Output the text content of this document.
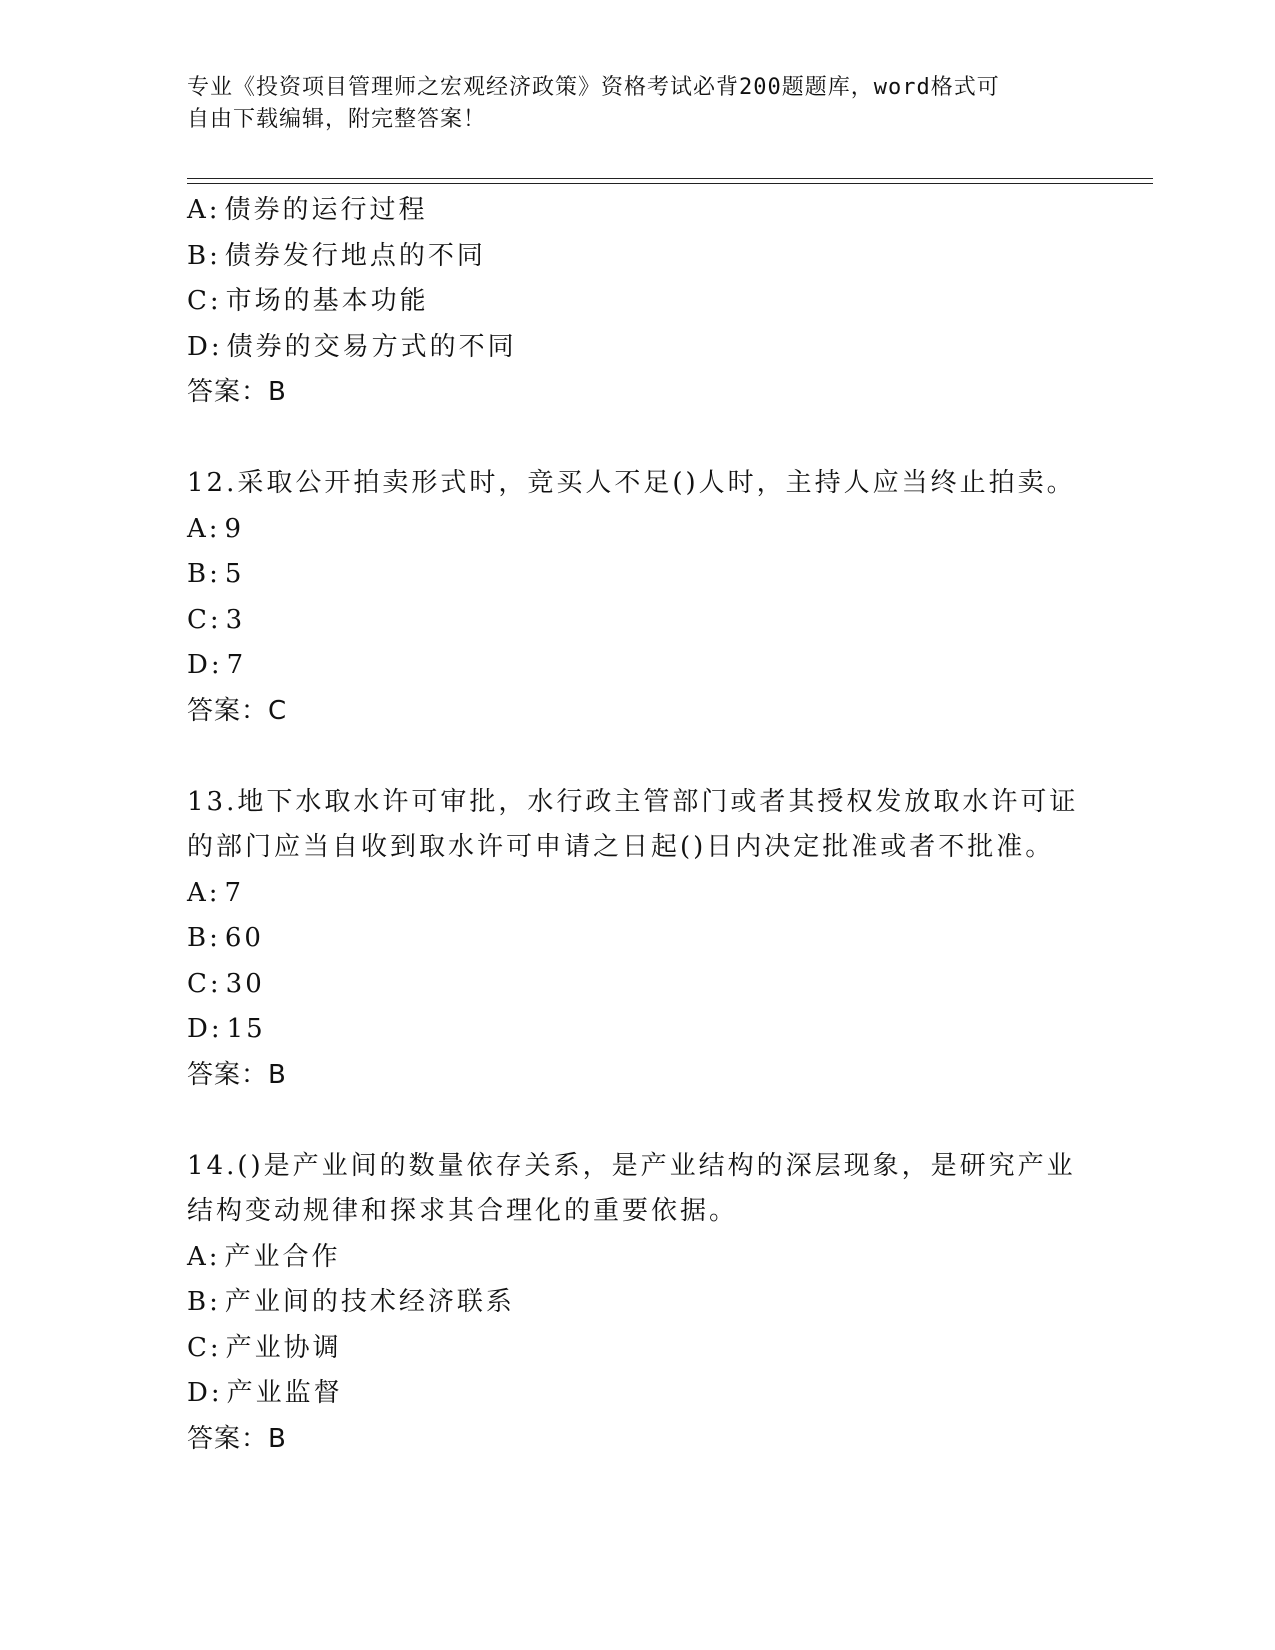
专业《投资项目管理师之宏观经济政策》资格考试必背200题题库，word格式可
自由下载编辑，附完整答案！
A: 债券的运行过程
B: 债券发行地点的不同
C: 市场的基本功能
D: 债券的交易方式的不同
答案：B
12.采取公开拍卖形式时，竞买人不足()人时，主持人应当终止拍卖。
A: 9
B: 5
C: 3
D: 7
答案：C
13.地下水取水许可审批，水行政主管部门或者其授权发放取水许可证
的部门应当自收到取水许可申请之日起()日内决定批准或者不批准。
A: 7
B: 60
C: 30
D: 15
答案：B
14.()是产业间的数量依存关系，是产业结构的深层现象，是研究产业
结构变动规律和探求其合理化的重要依据。
A: 产业合作
B: 产业间的技术经济联系
C: 产业协调
D: 产业监督
答案：B
